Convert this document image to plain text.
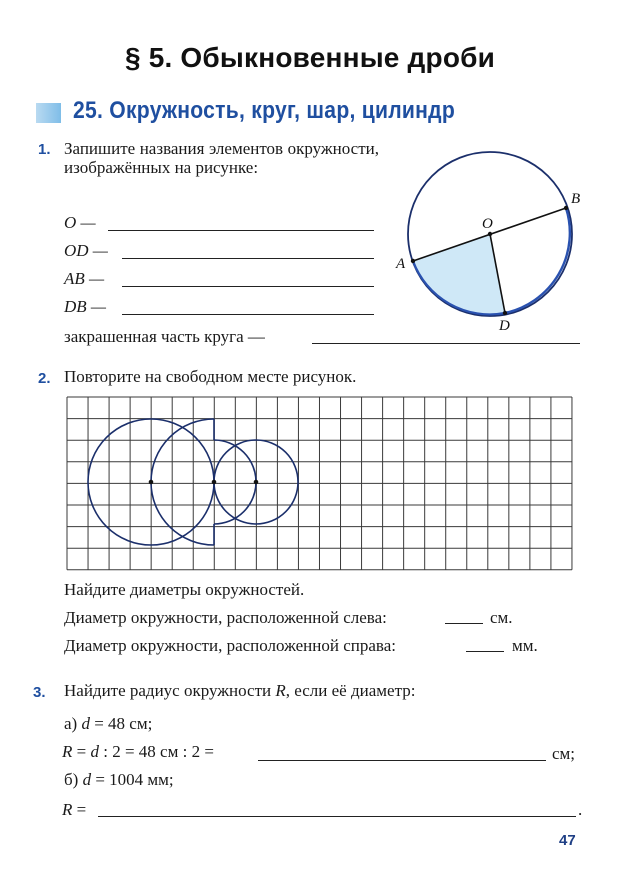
§ 5. Обыкновенные дроби
25. Окружность, круг, шар, цилиндр
1. Запишите названия элементов окружности, изображённых на рисунке:
O —
OD —
AB —
DB —
закрашенная часть круга —
O
A
B
D
2. Повторите на свободном месте рисунок.
Найдите диаметры окружностей.
Диаметр окружности, расположенной слева:	см.
Диаметр окружности, расположенной справа:	мм.
3. Найдите радиус окружности R, если её диаметр:
а) d = 48 см;
R = d : 2 = 48 см : 2 =	см;
б) d = 1004 мм;
R =	.
47
